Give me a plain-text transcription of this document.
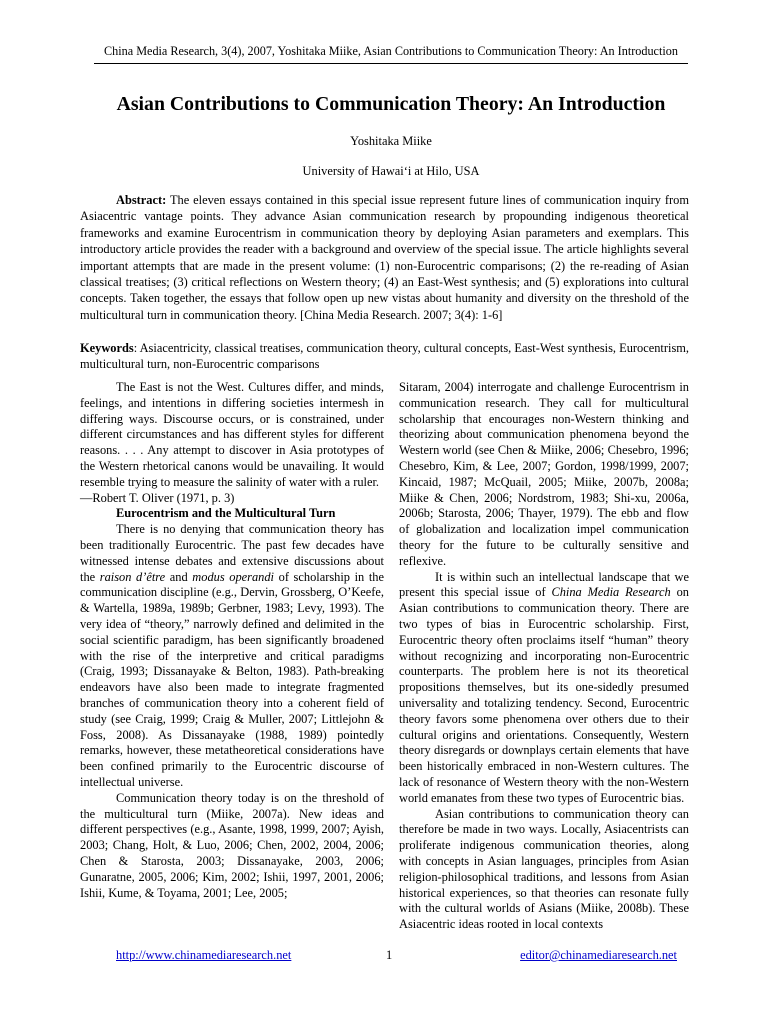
China Media Research, 3(4), 2007, Yoshitaka Miike, Asian Contributions to Communication Theory: An Introduction
Asian Contributions to Communication Theory: An Introduction
Yoshitaka Miike
University of Hawai‘i at Hilo, USA

Abstract: The eleven essays contained in this special issue represent future lines of communication inquiry from Asiacentric vantage points. They advance Asian communication research by propounding indigenous theoretical frameworks and examine Eurocentrism in communication theory by deploying Asian parameters and exemplars. This introductory article provides the reader with a background and overview of the special issue. The article highlights several important attempts that are made in the present volume: (1) non-Eurocentric comparisons; (2) the re-reading of Asian classical treatises; (3) critical reflections on Western theory; (4) an East-West synthesis; and (5) explorations into cultural concepts. Taken together, the essays that follow open up new vistas about humanity and diversity on the threshold of the multicultural turn in communication theory. [China Media Research. 2007; 3(4): 1-6]

Keywords: Asiacentricity, classical treatises, communication theory, cultural concepts, East-West synthesis, Eurocentrism, multicultural turn, non-Eurocentric comparisons

The East is not the West. Cultures differ, and minds, feelings, and intentions in differing societies intermesh in differing ways. Discourse occurs, or is constrained, under different circumstances and has different styles for different reasons. . . . Any attempt to discover in Asia prototypes of the Western rhetorical canons would be unavailing. It would resemble trying to measure the salinity of water with a ruler.

—Robert T. Oliver (1971, p. 3)

Eurocentrism and the Multicultural Turn

There is no denying that communication theory has been traditionally Eurocentric. The past few decades have witnessed intense debates and extensive discussions about the raison d’être and modus operandi of scholarship in the communication discipline (e.g., Dervin, Grossberg, O’Keefe, & Wartella, 1989a, 1989b; Gerbner, 1983; Levy, 1993). The very idea of “theory,” narrowly defined and delimited in the social scientific paradigm, has been significantly broadened with the rise of the interpretive and critical paradigms (Craig, 1993; Dissanayake & Belton, 1983). Path-breaking endeavors have also been made to integrate fragmented branches of communication theory into a coherent field of study (see Craig, 1999; Craig & Muller, 2007; Littlejohn & Foss, 2008). As Dissanayake (1988, 1989) pointedly remarks, however, these metatheoretical considerations have been confined primarily to the Eurocentric discourse of intellectual universe.

Communication theory today is on the threshold of the multicultural turn (Miike, 2007a). New ideas and different perspectives (e.g., Asante, 1998, 1999, 2007; Ayish, 2003; Chang, Holt, & Luo, 2006; Chen, 2002, 2004, 2006; Chen & Starosta, 2003; Dissanayake, 2003, 2006; Gunaratne, 2005, 2006; Kim, 2002; Ishii, 1997, 2001, 2006; Ishii, Kume, & Toyama, 2001; Lee, 2005;

Sitaram, 2004) interrogate and challenge Eurocentrism in communication research. They call for multicultural scholarship that encourages non-Western thinking and theorizing about communication phenomena beyond the Western world (see Chen & Miike, 2006; Chesebro, 1996; Chesebro, Kim, & Lee, 2007; Gordon, 1998/1999, 2007; Kincaid, 1987; McQuail, 2005; Miike, 2007b, 2008a; Miike & Chen, 2006; Nordstrom, 1983; Shi-xu, 2006a, 2006b; Starosta, 2006; Thayer, 1979). The ebb and flow of globalization and localization impel communication theory for the future to be culturally sensitive and reflexive.

It is within such an intellectual landscape that we present this special issue of China Media Research on Asian contributions to communication theory. There are two types of bias in Eurocentric scholarship. First, Eurocentric theory often proclaims itself “human” theory without recognizing and incorporating non-Eurocentric counterparts. The problem here is not its theoretical propositions themselves, but its one-sidedly presumed universality and totalizing tendency. Second, Eurocentric theory favors some phenomena over others due to their cultural origins and orientations. Consequently, Western theory disregards or downplays certain elements that have been historically embraced in non-Western cultures. The lack of resonance of Western theory with the non-Western world emanates from these two types of Eurocentric bias.

Asian contributions to communication theory can therefore be made in two ways. Locally, Asiacentrists can proliferate indigenous communication theories, along with concepts in Asian languages, principles from Asian religion-philosophical traditions, and lessons from Asian historical experiences, so that theories can resonate fully with the cultural worlds of Asians (Miike, 2008b). These Asiacentric ideas rooted in local contexts

http://www.chinamediaresearch.net	1	editor@chinamediaresearch.net
